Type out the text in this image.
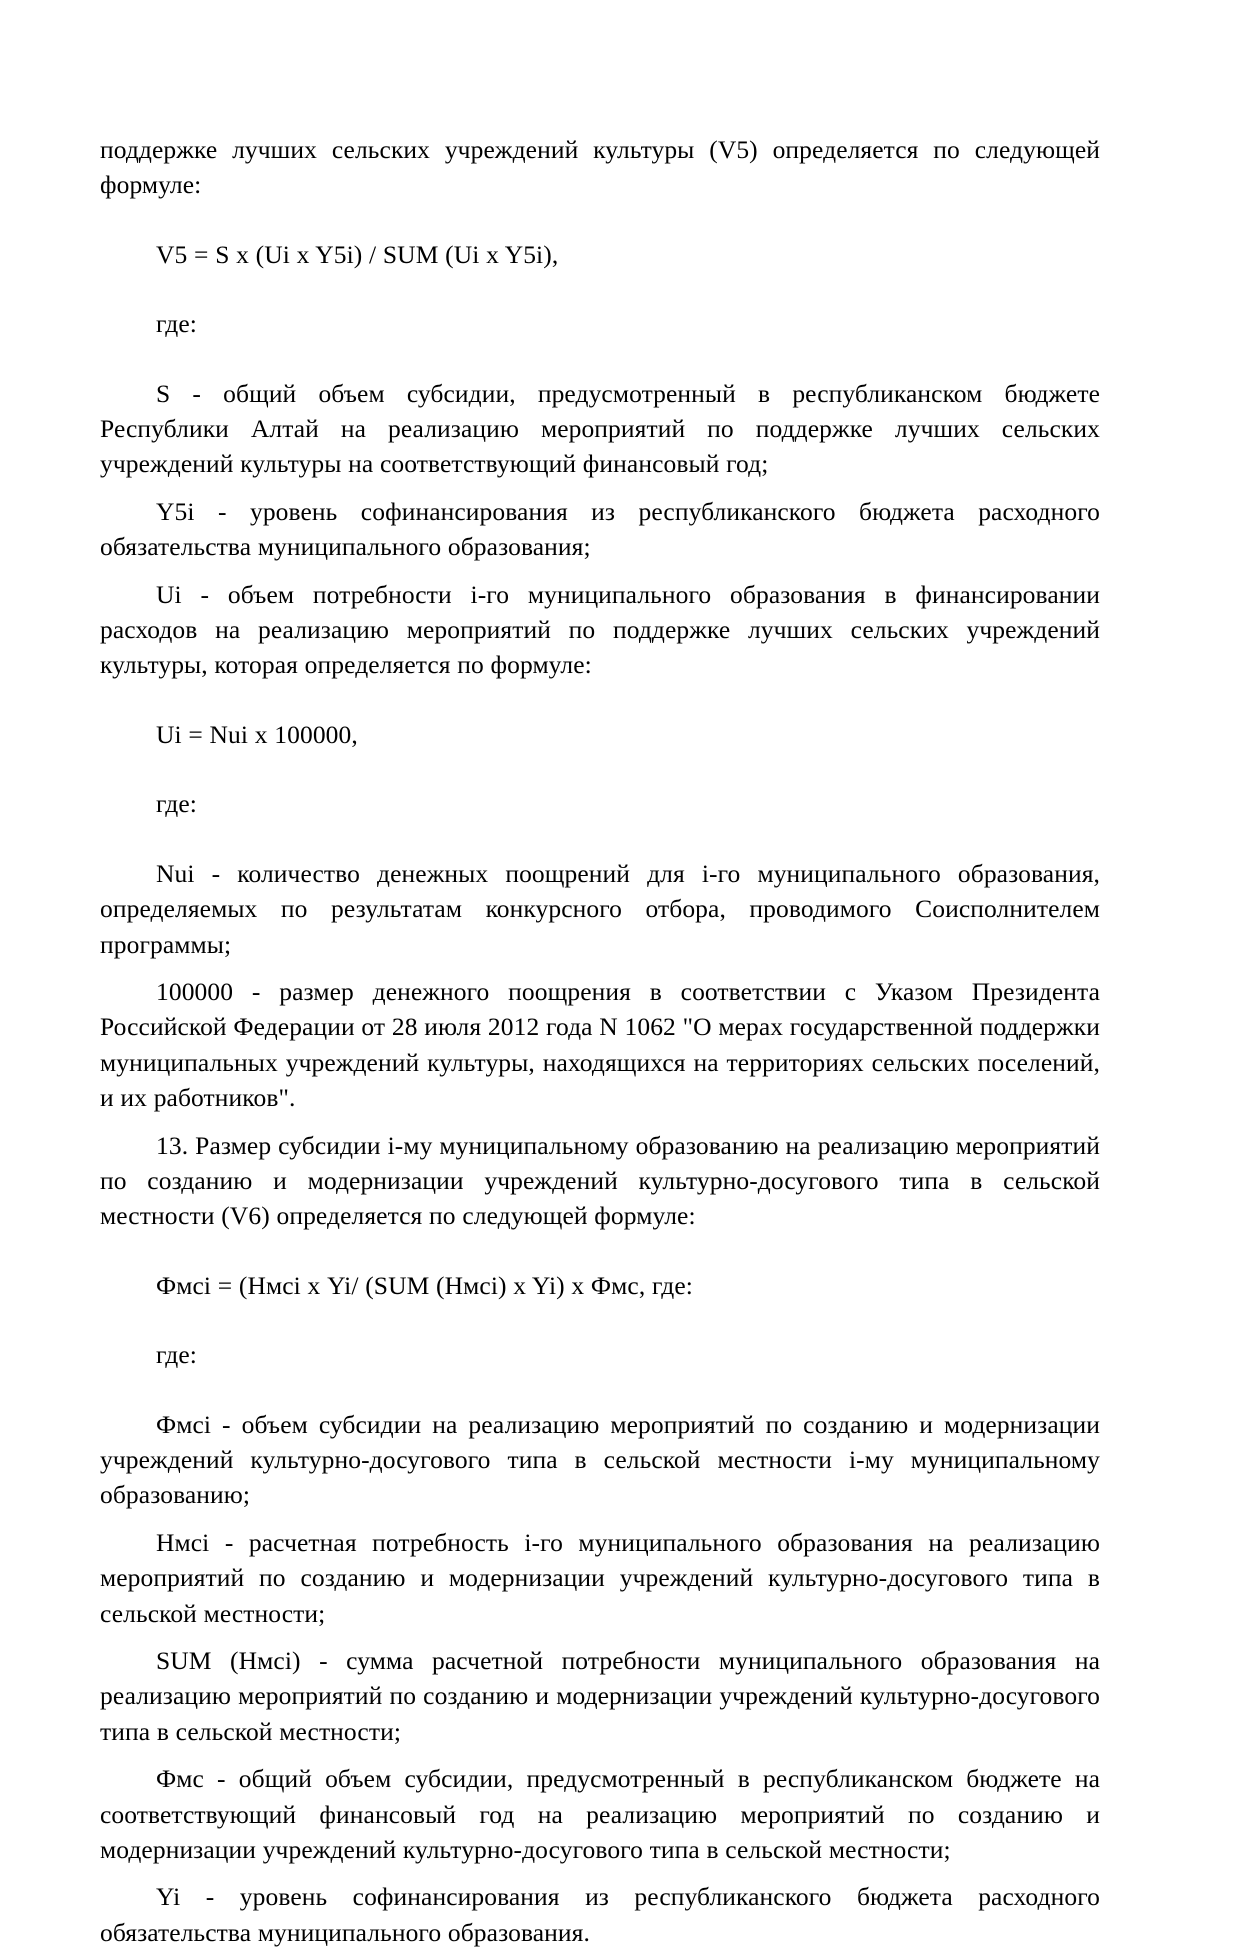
поддержке лучших сельских учреждений культуры (V5) определяется по следующей формуле:

V5 = S x (Ui x Y5i) / SUM (Ui x Y5i),

где:

S - общий объем субсидии, предусмотренный в республиканском бюджете Республики Алтай на реализацию мероприятий по поддержке лучших сельских учреждений культуры на соответствующий финансовый год;

Y5i - уровень софинансирования из республиканского бюджета расходного обязательства муниципального образования;

Ui - объем потребности i-го муниципального образования в финансировании расходов на реализацию мероприятий по поддержке лучших сельских учреждений культуры, которая определяется по формуле:

Ui = Nui x 100000,

где:

Nui - количество денежных поощрений для i-го муниципального образования, определяемых по результатам конкурсного отбора, проводимого Соисполнителем программы;

100000 - размер денежного поощрения в соответствии с Указом Президента Российской Федерации от 28 июля 2012 года N 1062 "О мерах государственной поддержки муниципальных учреждений культуры, находящихся на территориях сельских поселений, и их работников".

13. Размер субсидии i-му муниципальному образованию на реализацию мероприятий по созданию и модернизации учреждений культурно-досугового типа в сельской местности (V6) определяется по следующей формуле:

Фмсi = (Нмсi х Yi/ (SUM (Нмсi) x Yi) x Фмс, где:

где:

Фмсi - объем субсидии на реализацию мероприятий по созданию и модернизации учреждений культурно-досугового типа в сельской местности i-му муниципальному образованию;

Нмсi - расчетная потребность i-го муниципального образования на реализацию мероприятий по созданию и модернизации учреждений культурно-досугового типа в сельской местности;

SUM (Нмсi) - сумма расчетной потребности муниципального образования на реализацию мероприятий по созданию и модернизации учреждений культурно-досугового типа в сельской местности;

Фмс - общий объем субсидии, предусмотренный в республиканском бюджете на соответствующий финансовый год на реализацию мероприятий по созданию и модернизации учреждений культурно-досугового типа в сельской местности;

Yi - уровень софинансирования из республиканского бюджета расходного обязательства муниципального образования.
